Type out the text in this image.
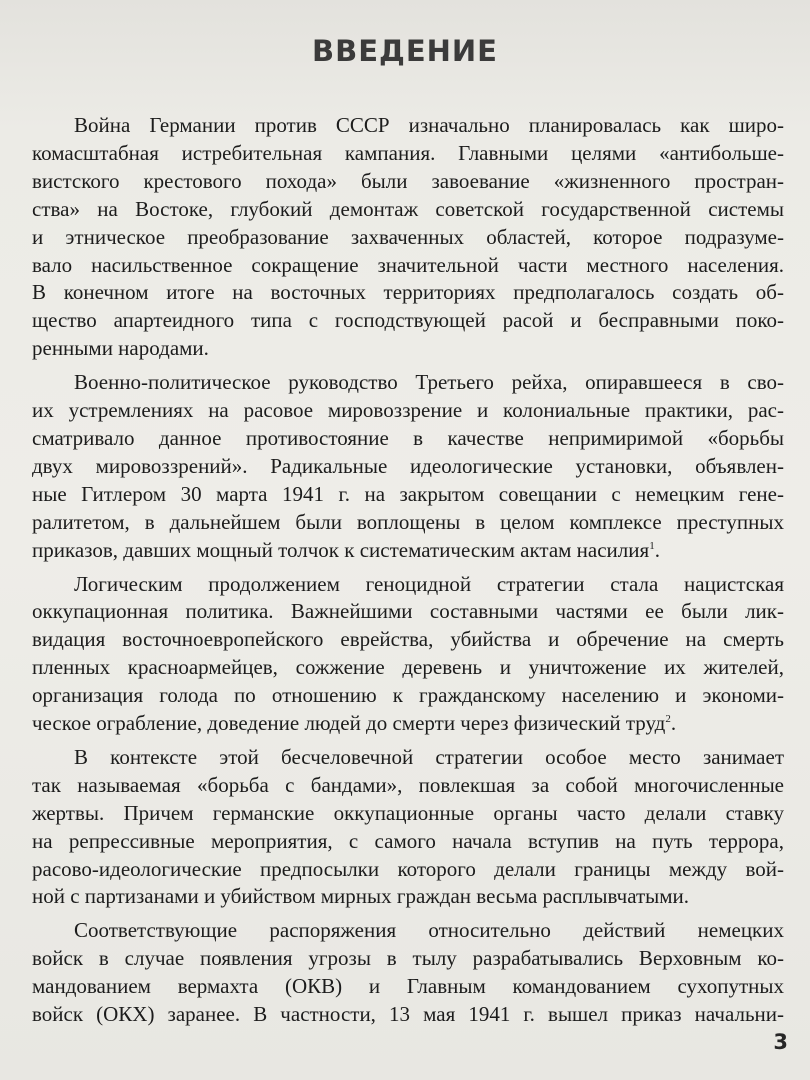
ВВЕДЕНИЕ

Война Германии против СССР изначально планировалась как широ-
комасштабная истребительная кампания. Главными целями «антибольше-
вистского крестового похода» были завоевание «жизненного простран-
ства» на Востоке, глубокий демонтаж советской государственной системы
и этническое преобразование захваченных областей, которое подразуме-
вало насильственное сокращение значительной части местного населения.
В конечном итоге на восточных территориях предполагалось создать об-
щество апартеидного типа с господствующей расой и бесправными поко-
ренными народами.

Военно-политическое руководство Третьего рейха, опиравшееся в сво-
их устремлениях на расовое мировоззрение и колониальные практики, рас-
сматривало данное противостояние в качестве непримиримой «борьбы
двух мировоззрений». Радикальные идеологические установки, объявлен-
ные Гитлером 30 марта 1941 г. на закрытом совещании с немецким гене-
ралитетом, в дальнейшем были воплощены в целом комплексе преступных
приказов, давших мощный толчок к систематическим актам насилия$^1$.

Логическим продолжением геноцидной стратегии стала нацистская
оккупационная политика. Важнейшими составными частями ее были лик-
видация восточноевропейского еврейства, убийства и обречение на смерть
пленных красноармейцев, сожжение деревень и уничтожение их жителей,
организация голода по отношению к гражданскому населению и экономи-
ческое ограбление, доведение людей до смерти через физический труд$^2$.

В контексте этой бесчеловечной стратегии особое место занимает
так называемая «борьба с бандами», повлекшая за собой многочисленные
жертвы. Причем германские оккупационные органы часто делали ставку
на репрессивные мероприятия, с самого начала вступив на путь террора,
расово-идеологические предпосылки которого делали границы между вой-
ной с партизанами и убийством мирных граждан весьма расплывчатыми.

Соответствующие распоряжения относительно действий немецких
войск в случае появления угрозы в тылу разрабатывались Верховным ко-
мандованием вермахта (ОКВ) и Главным командованием сухопутных
войск (ОКХ) заранее. В частности, 13 мая 1941 г. вышел приказ начальни-

3
